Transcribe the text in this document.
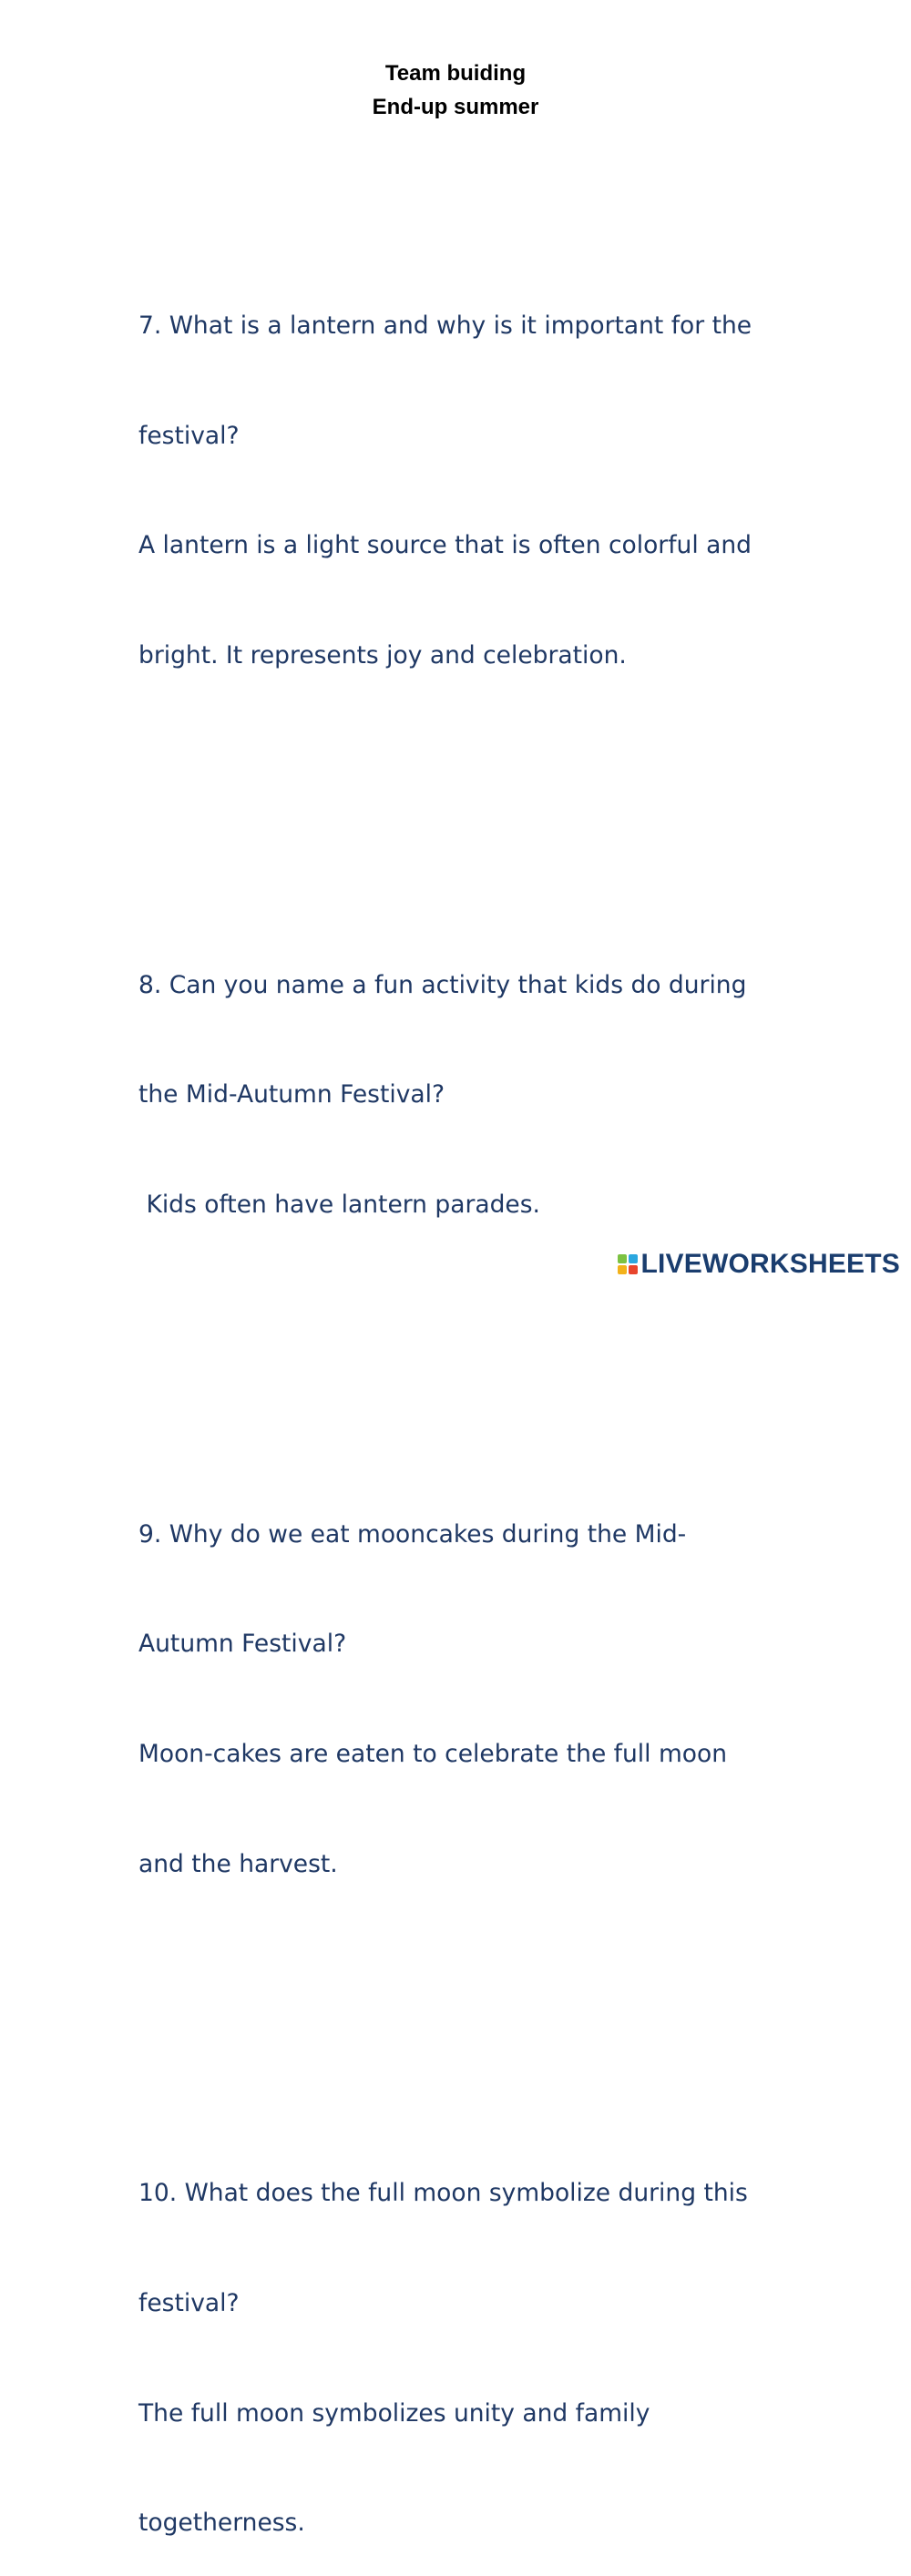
Team buiding
End-up summer

7. What is a lantern and why is it important for the

festival?

A lantern is a light source that is often colorful and

bright. It represents joy and celebration.

8. Can you name a fun activity that kids do during

the Mid-Autumn Festival?

Kids often have lantern parades.

9. Why do we eat mooncakes during the Mid-

Autumn Festival?

Moon-cakes are eaten to celebrate the full moon

and the harvest.

10. What does the full moon symbolize during this

festival?

The full moon symbolizes unity and family

togetherness.

LIVEWORKSHEETS
